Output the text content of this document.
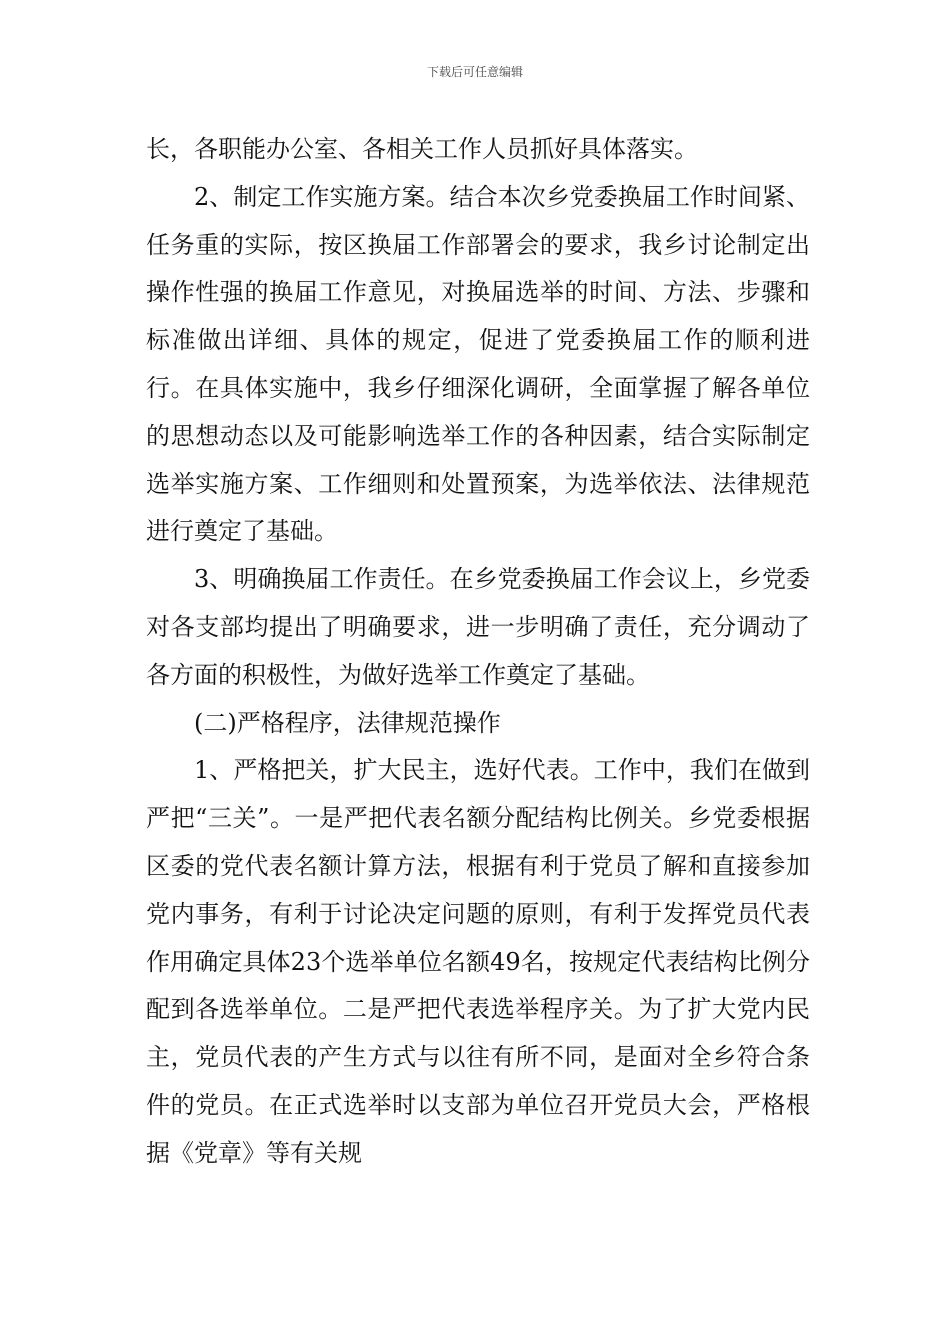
下载后可任意编辑

长，各职能办公室、各相关工作人员抓好具体落实。

2、制定工作实施方案。结合本次乡党委换届工作时间紧、任务重的实际，按区换届工作部署会的要求，我乡讨论制定出操作性强的换届工作意见，对换届选举的时间、方法、步骤和标准做出详细、具体的规定，促进了党委换届工作的顺利进行。在具体实施中，我乡仔细深化调研，全面掌握了解各单位的思想动态以及可能影响选举工作的各种因素，结合实际制定选举实施方案、工作细则和处置预案，为选举依法、法律规范进行奠定了基础。

3、明确换届工作责任。在乡党委换届工作会议上，乡党委对各支部均提出了明确要求，进一步明确了责任，充分调动了各方面的积极性，为做好选举工作奠定了基础。

(二)严格程序，法律规范操作

1、严格把关，扩大民主，选好代表。工作中，我们在做到严把“三关”。一是严把代表名额分配结构比例关。乡党委根据区委的党代表名额计算方法，根据有利于党员了解和直接参加党内事务，有利于讨论决定问题的原则，有利于发挥党员代表作用确定具体23个选举单位名额49名，按规定代表结构比例分配到各选举单位。二是严把代表选举程序关。为了扩大党内民主，党员代表的产生方式与以往有所不同，是面对全乡符合条件的党员。在正式选举时以支部为单位召开党员大会，严格根据《党章》等有关规
